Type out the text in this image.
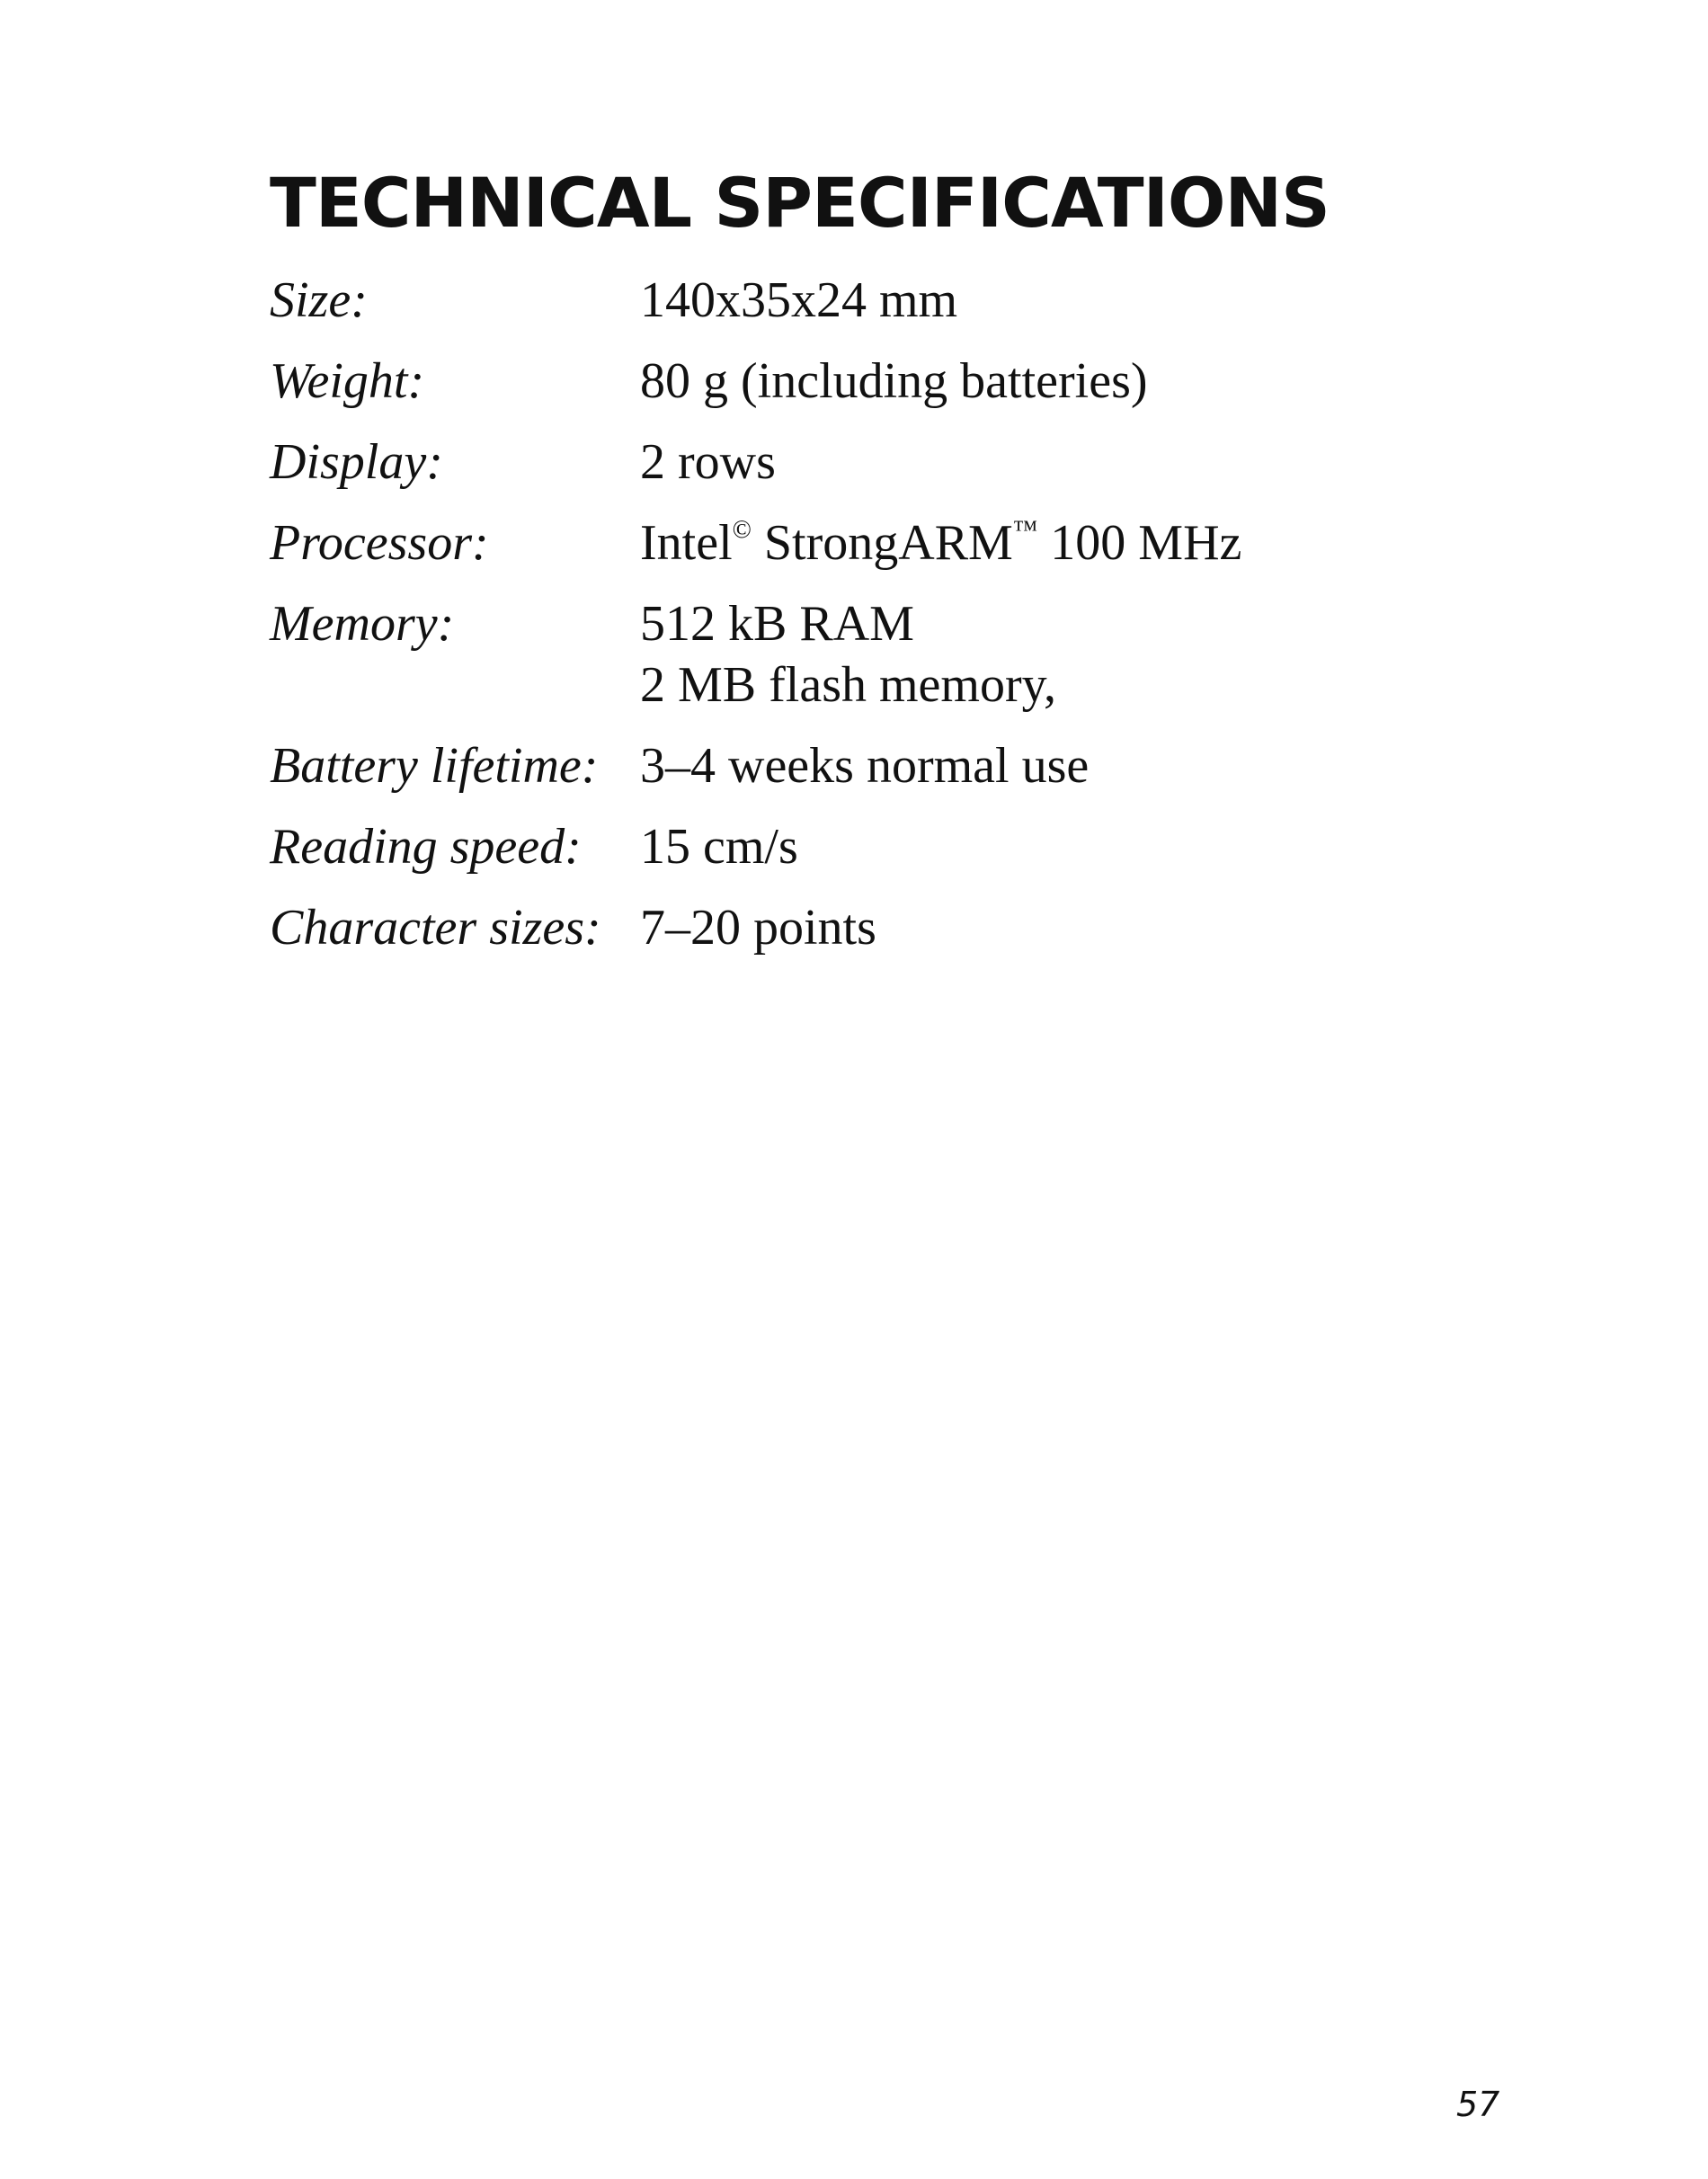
TECHNICAL SPECIFICATIONS
Size:	140x35x24 mm
Weight:	80 g (including batteries)
Display:	2 rows
Processor:	Intel© StrongARM™ 100 MHz
Memory:	512 kB RAM
2 MB flash memory,
Battery lifetime: 3–4 weeks normal use
Reading speed:	15 cm/s
Character sizes: 7–20 points
57
